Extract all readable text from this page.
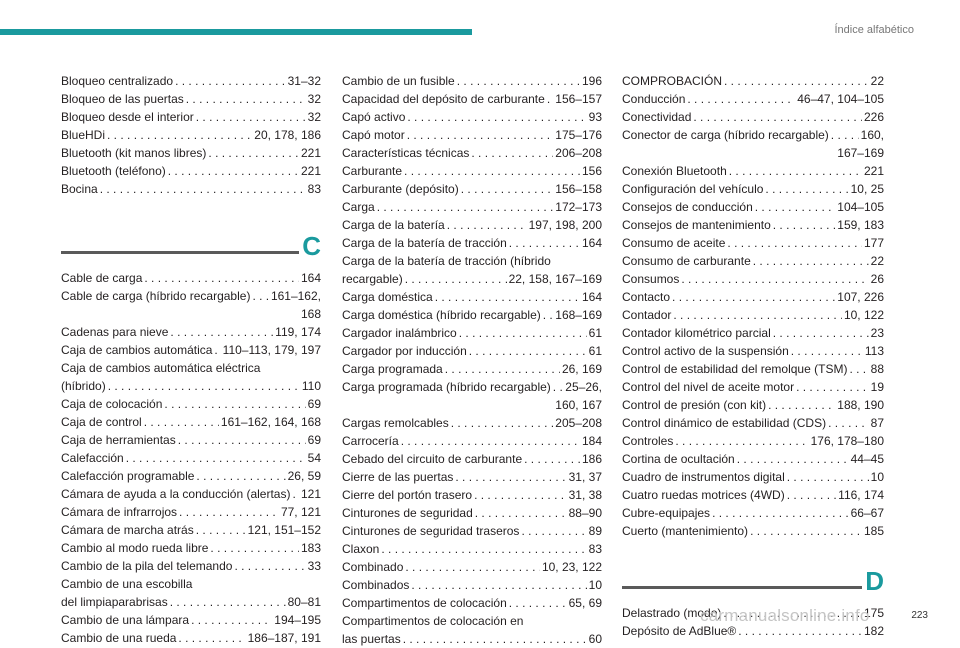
Índice alfabético
Bloqueo centralizado . . .	31–32
Bloqueo de las puertas . . .	32
Bloqueo desde el interior . . .	32
BlueHDi . . .	20, 178, 186
Bluetooth (kit manos libres) . . .	221
Bluetooth (teléfono) . . .	221
Bocina . . .	83
C
Cable de carga . . .	164
Cable de carga (híbrido recargable) . . . 161–162,
168
Cadenas para nieve . . .	119, 174
Caja de cambios automática . . . 110–113, 179, 197
Caja de cambios automática eléctrica
(híbrido) . . .	110
Caja de colocación . . .	69
Caja de control . . .	161–162, 164, 168
Caja de herramientas . . .	69
Calefacción . . .	54
Calefacción programable . . .	26, 59
Cámara de ayuda a la conducción (alertas) . . . 121
Cámara de infrarrojos . . .	77, 121
Cámara de marcha atrás . . .	121, 151–152
Cambio al modo rueda libre . . .	183
Cambio de la pila del telemando . . .	33
Cambio de una escobilla
del limpiaparabrisas . . .	80–81
Cambio de una lámpara . . .	194–195
Cambio de una rueda . . .	186–187, 191
Cambio de un fusible . . .	196
Capacidad del depósito de carburante . . . 156–157
Capó activo . . .	93
Capó motor . . .	175–176
Características técnicas . . .	206–208
Carburante . . .	156
Carburante (depósito) . . .	156–158
Carga . . .	172–173
Carga de la batería . . .	197, 198, 200
Carga de la batería de tracción . . .	164
Carga de la batería de tracción (híbrido
recargable) . . .	22, 158, 167–169
Carga doméstica . . .	164
Carga doméstica (híbrido recargable) . . . 168–169
Cargador inalámbrico . . .	61
Cargador por inducción . . .	61
Carga programada . . .	26, 169
Carga programada (híbrido recargable) . . . 25–26,
160, 167
Cargas remolcables . . .	205–208
Carrocería . . .	184
Cebado del circuito de carburante . . .	186
Cierre de las puertas . . .	31, 37
Cierre del portón trasero . . .	31, 38
Cinturones de seguridad . . .	88–90
Cinturones de seguridad traseros . . .	89
Claxon . . .	83
Combinado . . .	10, 23, 122
Combinados . . .	10
Compartimentos de colocación . . .	65, 69
Compartimentos de colocación en
las puertas . . .	60
COMPROBACIÓN . . .	22
Conducción . . .	46–47, 104–105
Conectividad . . .	226
Conector de carga (híbrido recargable) . . .	160,
167–169
Conexión Bluetooth . . .	221
Configuración del vehículo . . .	10, 25
Consejos de conducción . . .	104–105
Consejos de mantenimiento . . .	159, 183
Consumo de aceite . . .	177
Consumo de carburante . . .	22
Consumos . . .	26
Contacto . . .	107, 226
Contador . . .	10, 122
Contador kilométrico parcial . . .	23
Control activo de la suspensión . . .	113
Control de estabilidad del remolque (TSM) . . . 88
Control del nivel de aceite motor . . .	19
Control de presión (con kit) . . .	188, 190
Control dinámico de estabilidad (CDS) . . .	87
Controles . . .	176, 178–180
Cortina de ocultación . . .	44–45
Cuadro de instrumentos digital . . .	10
Cuatro ruedas motrices (4WD) . . .	116, 174
Cubre-equipajes . . .	66–67
Cuerto (mantenimiento) . . .	185
D
Delastrado (modo) . . .	175
Depósito de AdBlue® . . .	182
carmanualsonline.info	223
